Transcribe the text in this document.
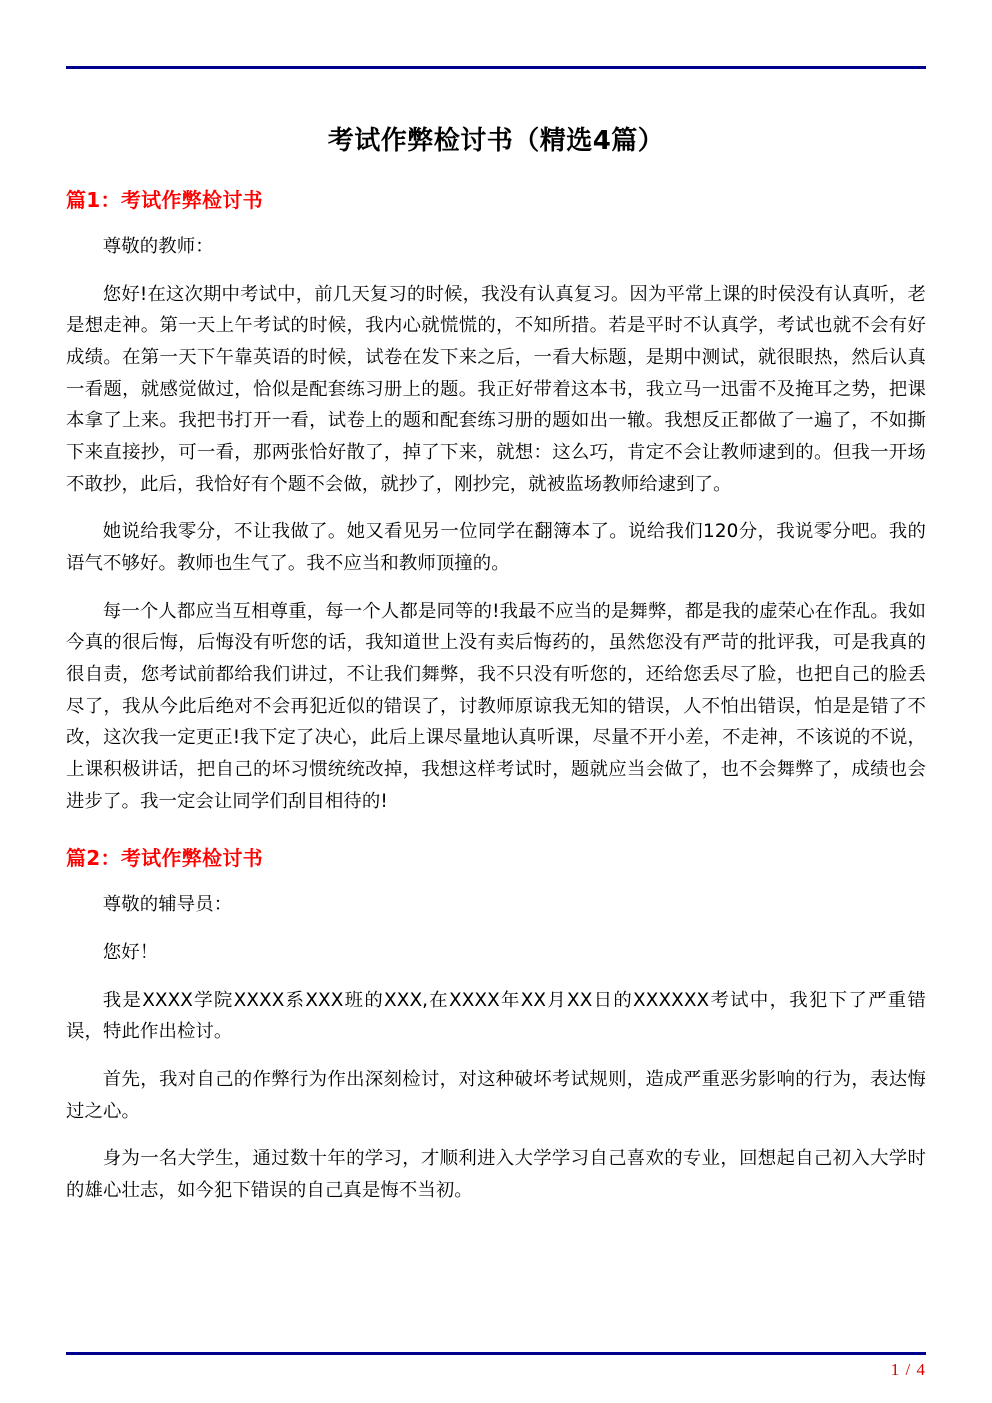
考试作弊检讨书（精选4篇）
篇1：考试作弊检讨书

尊敬的教师：

您好!在这次期中考试中，前几天复习的时候，我没有认真复习。因为平常上课的时侯没有认真听，老是想走神。第一天上午考试的时候，我内心就慌慌的，不知所措。若是平时不认真学，考试也就不会有好成绩。在第一天下午靠英语的时候，试卷在发下来之后，一看大标题，是期中测试，就很眼热，然后认真一看题，就感觉做过，恰似是配套练习册上的题。我正好带着这本书，我立马一迅雷不及掩耳之势，把课本拿了上来。我把书打开一看，试卷上的题和配套练习册的题如出一辙。我想反正都做了一遍了，不如撕下来直接抄，可一看，那两张恰好散了，掉了下来，就想：这么巧，肯定不会让教师逮到的。但我一开场不敢抄，此后，我恰好有个题不会做，就抄了，刚抄完，就被监场教师给逮到了。

她说给我零分，不让我做了。她又看见另一位同学在翻簿本了。说给我们120分，我说零分吧。我的语气不够好。教师也生气了。我不应当和教师顶撞的。

每一个人都应当互相尊重，每一个人都是同等的!我最不应当的是舞弊，都是我的虚荣心在作乱。我如今真的很后悔，后悔没有听您的话，我知道世上没有卖后悔药的，虽然您没有严苛的批评我，可是我真的很自责，您考试前都给我们讲过，不让我们舞弊，我不只没有听您的，还给您丢尽了脸，也把自己的脸丢尽了，我从今此后绝对不会再犯近似的错误了，讨教师原谅我无知的错误，人不怕出错误，怕是是错了不改，这次我一定更正!我下定了决心，此后上课尽量地认真听课，尽量不开小差，不走神，不该说的不说，上课积极讲话，把自己的坏习惯统统改掉，我想这样考试时，题就应当会做了，也不会舞弊了，成绩也会进步了。我一定会让同学们刮目相待的!

篇2：考试作弊检讨书

尊敬的辅导员：

您好！

我是XXXX学院XXXX系XXX班的XXX,在XXXX年XX月XX日的XXXXXX考试中，我犯下了严重错误，特此作出检讨。

首先，我对自己的作弊行为作出深刻检讨，对这种破坏考试规则，造成严重恶劣影响的行为，表达悔过之心。

身为一名大学生，通过数十年的学习，才顺利进入大学学习自己喜欢的专业，回想起自己初入大学时的雄心壮志，如今犯下错误的自己真是悔不当初。

1 / 4
